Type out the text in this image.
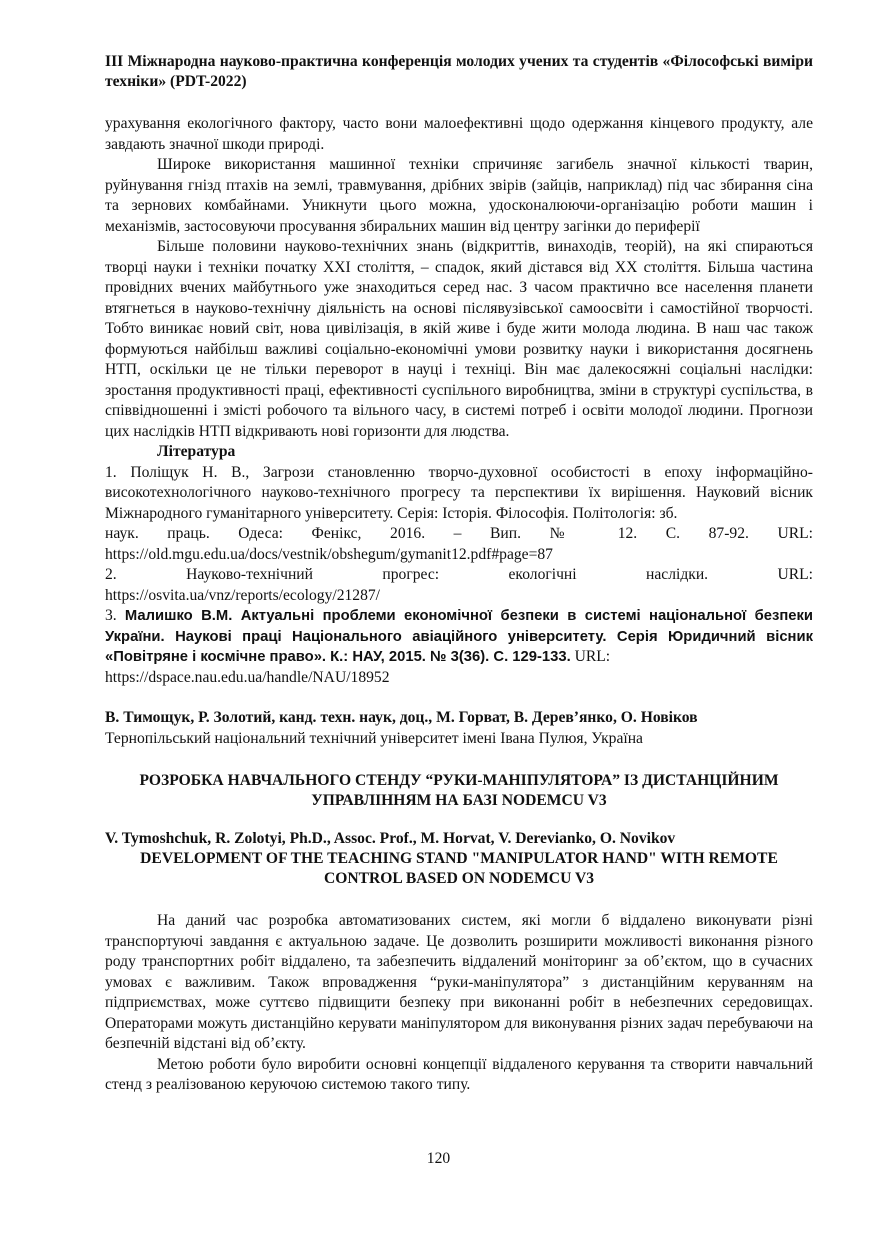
III Міжнародна науково-практична конференція молодих учених та студентів «Філософські виміри техніки» (PDT-2022)

урахування екологічного фактору, часто вони малоефективні щодо одержання кінцевого продукту, але завдають значної шкоди природі.

Широке використання машинної техніки спричиняє загибель значної кількості тварин, руйнування гнізд птахів на землі, травмування, дрібних звірів (зайців, наприклад) під час збирання сіна та зернових комбайнами. Уникнути цього можна, удосконалюючи-організацію роботи машин і механізмів, застосовуючи просування збиральних машин від центру загінки до периферії

Більше половини науково-технічних знань (відкриттів, винаходів, теорій), на які спираються творці науки і техніки початку XXI століття, – спадок, який дістався від XX століття. Більша частина провідних вчених майбутнього уже знаходиться серед нас. З часом практично все населення планети втягнеться в науково-технічну діяльність на основі післявузівської самоосвіти і самостійної творчості. Тобто виникає новий світ, нова цивілізація, в якій живе і буде жити молода людина. В наш час також формуються найбільш важливі соціально-економічні умови розвитку науки і використання досягнень НТП, оскільки це не тільки переворот в науці і техніці. Він має далекосяжні соціальні наслідки: зростання продуктивності праці, ефективності суспільного виробництва, зміни в структурі суспільства, в співвідношенні і змісті робочого та вільного часу, в системі потреб і освіти молодої людини. Прогнози цих наслідків НТП відкривають нові горизонти для людства.

Література

1. Поліщук Н. В., Загрози становленню творчо-духовної особистості в епоху інформаційно-високотехнологічного науково-технічного прогресу та перспективи їх вирішення. Науковий вісник Міжнародного гуманітарного університету. Серія: Історія. Філософія. Політологія: зб.
наук. праць. Одеса: Фенікс, 2016. – Вип. № 12. С. 87-92. URL:
https://old.mgu.edu.ua/docs/vestnik/obshegum/gymanit12.pdf#page=87

2. Науково-технічний прогрес: екологічні наслідки. URL:
https://osvita.ua/vnz/reports/ecology/21287/

3. Малишко В.М. Актуальні проблеми економічної безпеки в системі національної безпеки України. Наукові праці Національного авіаційного університету. Серія Юридичний вісник «Повітряне і космічне право». К.: НАУ, 2015. № 3(36). С. 129-133. URL:
https://dspace.nau.edu.ua/handle/NAU/18952

В. Тимощук, Р. Золотий, канд. техн. наук, доц., М. Горват, В. Дерев’янко, О. Новіков

Тернопільський національний технічний університет імені Івана Пулюя, Україна

РОЗРОБКА НАВЧАЛЬНОГО СТЕНДУ “РУКИ-МАНІПУЛЯТОРА” ІЗ ДИСТАНЦІЙНИМ УПРАВЛІННЯМ НА БАЗІ NODEMCU V3

V. Tymoshchuk, R. Zolotyi, Ph.D., Assoc. Prof., M. Horvat, V. Derevianko, O. Novikov

DEVELOPMENT OF THE TEACHING STAND "MANIPULATOR HAND" WITH REMOTE CONTROL BASED ON NODEMCU V3

На даний час розробка автоматизованих систем, які могли б віддалено виконувати різні транспортуючі завдання є актуальною задаче. Це дозволить розширити можливості виконання різного роду транспортних робіт віддалено, та забезпечить віддалений моніторинг за об’єктом, що в сучасних умовах є важливим. Також впровадження “руки-маніпулятора” з дистанційним керуванням на підприємствах, може суттєво підвищити безпеку при виконанні робіт в небезпечних середовищах. Операторами можуть дистанційно керувати маніпулятором для виконування різних задач перебуваючи на безпечній відстані від об’єкту.

Метою роботи було виробити основні концепції віддаленого керування та створити навчальний стенд з реалізованою керуючою системою такого типу.

120
